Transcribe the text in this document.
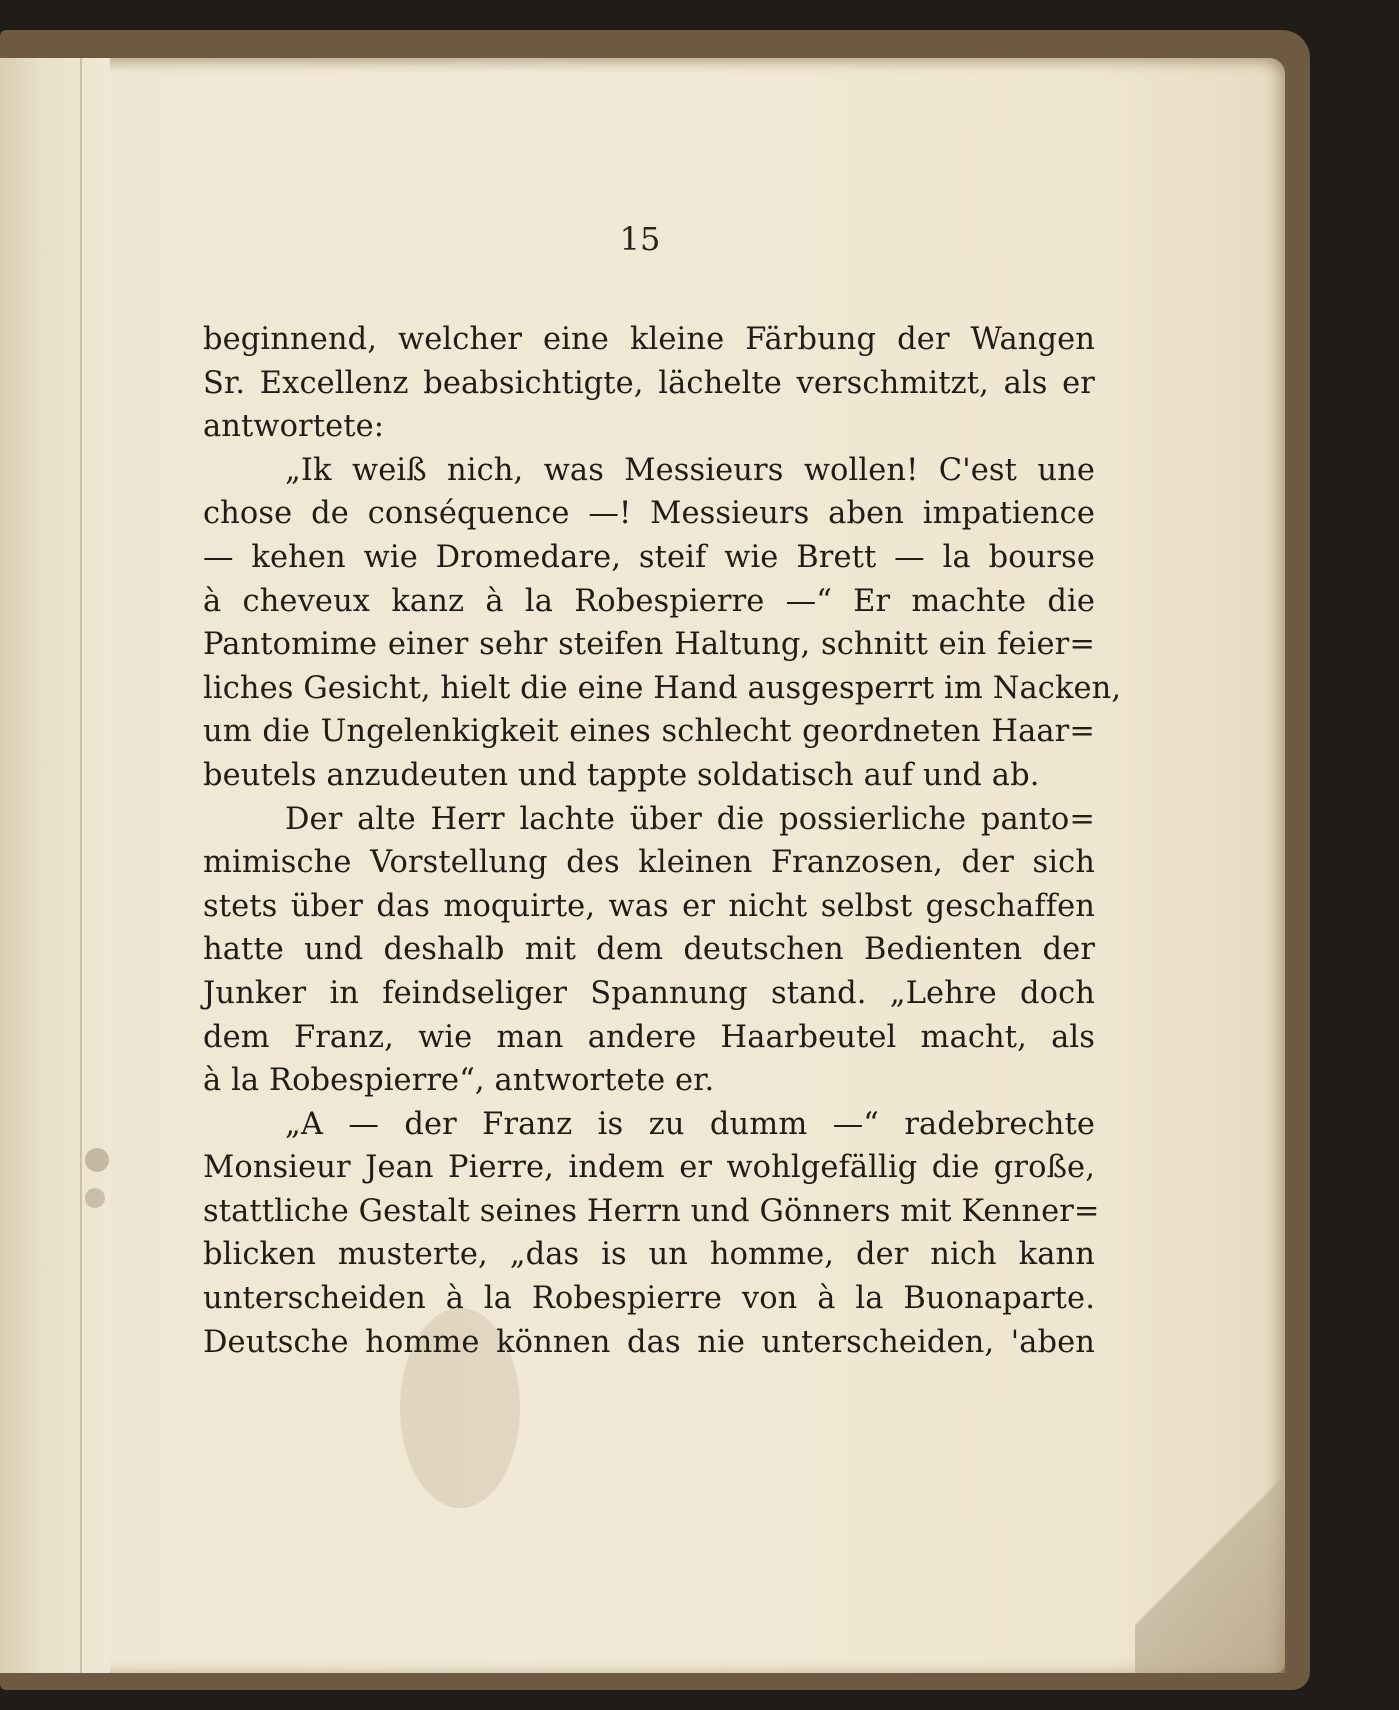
15
beginnend, welcher eine kleine Färbung der Wangen
Sr. Excellenz beabsichtigte, lächelte verschmitzt, als er
antwortete:
„Ik weiß nich, was Messieurs wollen! C'est une
chose de conséquence —! Messieurs aben impatience
— kehen wie Dromedare, steif wie Brett — la bourse
à cheveux kanz à la Robespierre —“ Er machte die
Pantomime einer sehr steifen Haltung, schnitt ein feier=
liches Gesicht, hielt die eine Hand ausgesperrt im Nacken,
um die Ungelenkigkeit eines schlecht geordneten Haar=
beutels anzudeuten und tappte soldatisch auf und ab.
Der alte Herr lachte über die possierliche panto=
mimische Vorstellung des kleinen Franzosen, der sich
stets über das moquirte, was er nicht selbst geschaffen
hatte und deshalb mit dem deutschen Bedienten der
Junker in feindseliger Spannung stand. „Lehre doch
dem Franz, wie man andere Haarbeutel macht, als
à la Robespierre“, antwortete er.
„A — der Franz is zu dumm —“ radebrechte
Monsieur Jean Pierre, indem er wohlgefällig die große,
stattliche Gestalt seines Herrn und Gönners mit Kenner=
blicken musterte, „das is un homme, der nich kann
unterscheiden à la Robespierre von à la Buonaparte.
Deutsche homme können das nie unterscheiden, 'aben
